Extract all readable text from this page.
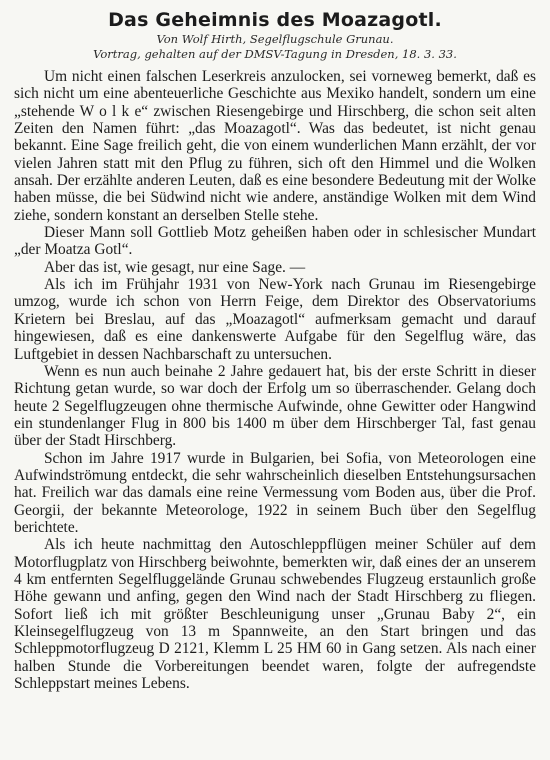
Das Geheimnis des Moazagotl.
Von Wolf Hirth, Segelflugschule Grunau.
Vortrag, gehalten auf der DMSV-Tagung in Dresden, 18. 3. 33.

Um nicht einen falschen Leserkreis anzulocken, sei vorneweg bemerkt, daß es sich nicht um eine abenteuerliche Geschichte aus Mexiko handelt, sondern um eine „stehende W o l k e“ zwischen Riesengebirge und Hirschberg, die schon seit alten Zeiten den Namen führt: „das Moazagotl“. Was das bedeutet, ist nicht genau bekannt. Eine Sage freilich geht, die von einem wunderlichen Mann erzählt, der vor vielen Jahren statt mit den Pflug zu führen, sich oft den Himmel und die Wolken ansah. Der erzählte anderen Leuten, daß es eine besondere Bedeutung mit der Wolke haben müsse, die bei Südwind nicht wie andere, anständige Wolken mit dem Wind ziehe, sondern konstant an derselben Stelle stehe.

Dieser Mann soll Gottlieb Motz geheißen haben oder in schlesischer Mundart „der Moatza Gotl“.

Aber das ist, wie gesagt, nur eine Sage. —

Als ich im Frühjahr 1931 von New-York nach Grunau im Riesengebirge umzog, wurde ich schon von Herrn Feige, dem Direktor des Observatoriums Krietern bei Breslau, auf das „Moazagotl“ aufmerksam gemacht und darauf hingewiesen, daß es eine dankenswerte Aufgabe für den Segelflug wäre, das Luftgebiet in dessen Nachbarschaft zu untersuchen.

Wenn es nun auch beinahe 2 Jahre gedauert hat, bis der erste Schritt in dieser Richtung getan wurde, so war doch der Erfolg um so überraschender. Gelang doch heute 2 Segelflugzeugen ohne thermische Aufwinde, ohne Gewitter oder Hangwind ein stundenlanger Flug in 800 bis 1400 m über dem Hirschberger Tal, fast genau über der Stadt Hirschberg.

Schon im Jahre 1917 wurde in Bulgarien, bei Sofia, von Meteorologen eine Aufwindströmung entdeckt, die sehr wahrscheinlich dieselben Entstehungsursachen hat. Freilich war das damals eine reine Vermessung vom Boden aus, über die Prof. Georgii, der bekannte Meteorologe, 1922 in seinem Buch über den Segelflug berichtete.

Als ich heute nachmittag den Autoschleppflügen meiner Schüler auf dem Motorflugplatz von Hirschberg beiwohnte, bemerkten wir, daß eines der an unserem 4 km entfernten Segelfluggelände Grunau schwebendes Flugzeug erstaunlich große Höhe gewann und anfing, gegen den Wind nach der Stadt Hirschberg zu fliegen. Sofort ließ ich mit größter Beschleunigung unser „Grunau Baby 2“, ein Kleinsegelflugzeug von 13 m Spannweite, an den Start bringen und das Schleppmotorflugzeug D 2121, Klemm L 25 HM 60 in Gang setzen. Als nach einer halben Stunde die Vorbereitungen beendet waren, folgte der aufregendste Schleppstart meines Lebens.
